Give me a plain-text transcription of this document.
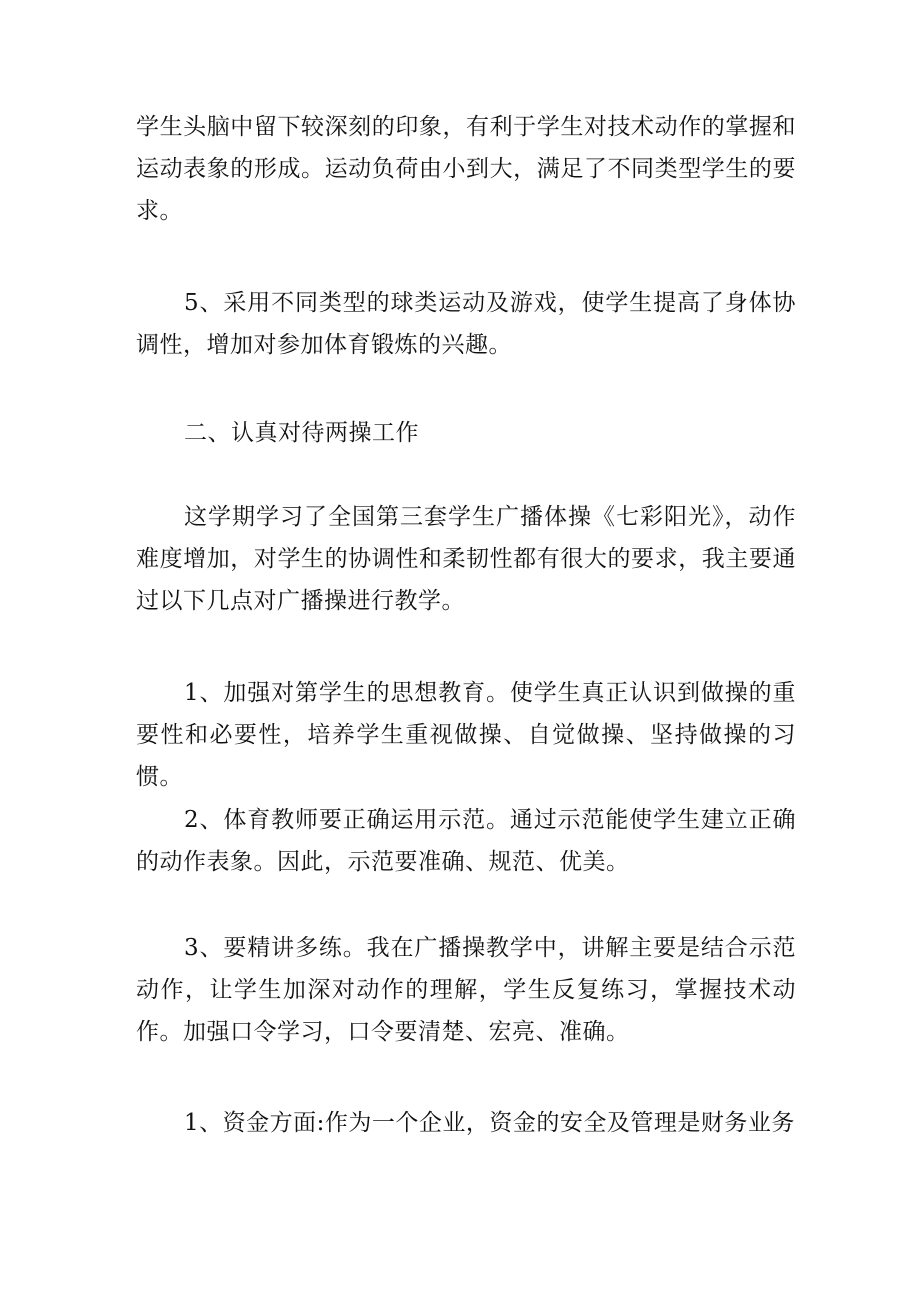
学生头脑中留下较深刻的印象，有利于学生对技术动作的掌握和运动表象的形成。运动负荷由小到大，满足了不同类型学生的要求。

5、采用不同类型的球类运动及游戏，使学生提高了身体协调性，增加对参加体育锻炼的兴趣。

二、认真对待两操工作

这学期学习了全国第三套学生广播体操《七彩阳光》，动作难度增加，对学生的协调性和柔韧性都有很大的要求，我主要通过以下几点对广播操进行教学。

1、加强对第学生的思想教育。使学生真正认识到做操的重要性和必要性，培养学生重视做操、自觉做操、坚持做操的习惯。

2、体育教师要正确运用示范。通过示范能使学生建立正确的动作表象。因此，示范要准确、规范、优美。

3、要精讲多练。我在广播操教学中，讲解主要是结合示范动作，让学生加深对动作的理解，学生反复练习，掌握技术动作。加强口令学习，口令要清楚、宏亮、准确。

1、资金方面:作为一个企业，资金的安全及管理是财务业务
